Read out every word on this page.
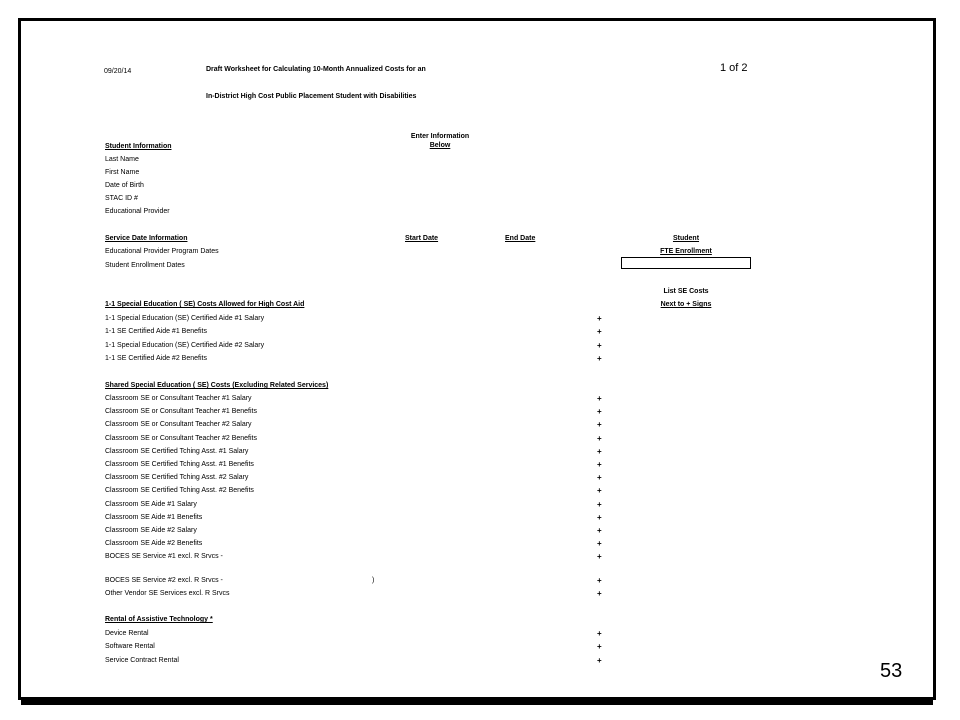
09/20/14	Draft Worksheet for Calculating 10-Month Annualized Costs for an
In-District High Cost Public Placement Student with Disabilities
1 of 2
Enter Information
Below
Student Information
Last Name
First Name
Date of Birth
STAC ID #
Educational Provider
Service Date Information	Start Date	End Date	Student
Educational Provider Program Dates	FTE Enrollment
Student Enrollment Dates
List SE Costs
Next to + Signs
1-1 Special Education ( SE) Costs Allowed for High Cost Aid
1-1 Special Education (SE) Certified Aide #1 Salary	+
1-1 SE Certified Aide #1 Benefits	+
1-1 Special Education (SE) Certified Aide #2 Salary	+
1-1 SE Certified Aide #2 Benefits	+
Shared Special Education ( SE) Costs (Excluding Related Services)
Classroom SE or Consultant Teacher #1 Salary	+
Classroom SE or Consultant Teacher #1 Benefits	+
Classroom SE or Consultant Teacher #2 Salary	+
Classroom SE or Consultant Teacher #2 Benefits	+
Classroom SE Certified Tching Asst. #1 Salary	+
Classroom SE Certified Tching Asst. #1 Benefits	+
Classroom SE Certified Tching Asst. #2 Salary	+
Classroom SE Certified Tching Asst. #2 Benefits	+
Classroom SE Aide #1 Salary	+
Classroom SE Aide #1 Benefits	+
Classroom SE Aide #2 Salary	+
Classroom SE Aide #2 Benefits	+
BOCES SE Service #1 excl. R Srvcs -	+
BOCES SE Service #2 excl. R Srvcs -	)	+
Other Vendor SE Services excl. R Srvcs	+
Rental of Assistive Technology *
Device Rental	+
Software Rental	+
Service Contract Rental	+	53
